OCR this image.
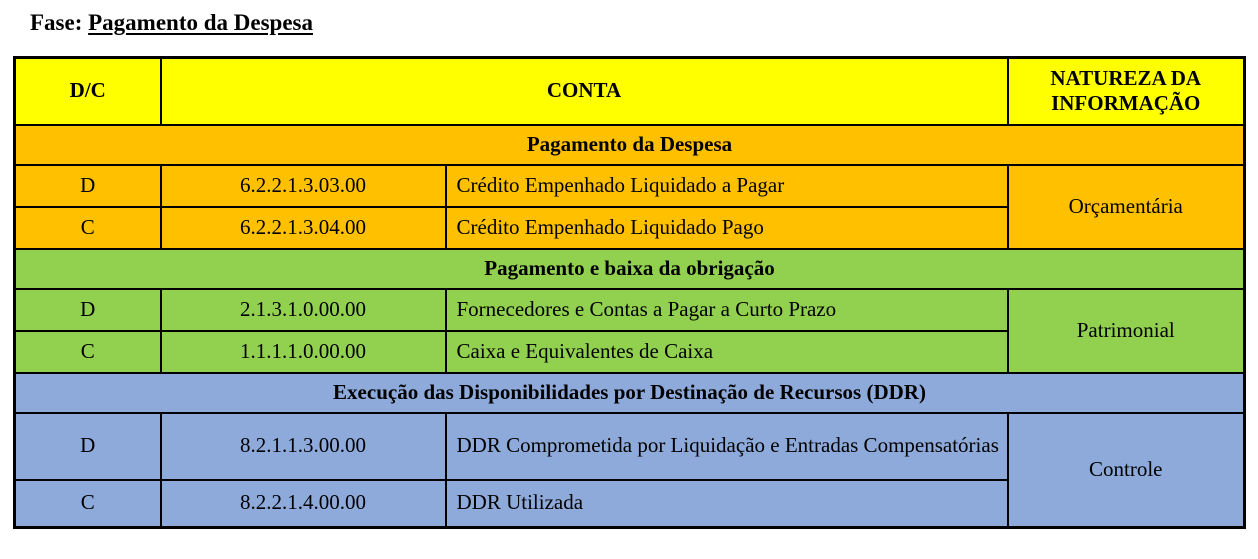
Fase: Pagamento da Despesa
D/C	CONTA		NATUREZA DA INFORMAÇÃO
Pagamento da Despesa			
D	6.2.2.1.3.03.00	Crédito Empenhado Liquidado a Pagar	Orçamentária
C	6.2.2.1.3.04.00	Crédito Empenhado Liquidado Pago	
Pagamento e baixa da obrigação			
D	2.1.3.1.0.00.00	Fornecedores e Contas a Pagar a Curto Prazo	Patrimonial
C	1.1.1.1.0.00.00	Caixa e Equivalentes de Caixa	
Execução das Disponibilidades por Destinação de Recursos (DDR)			
D	8.2.1.1.3.00.00	DDR Comprometida por Liquidação e Entradas Compensatórias	Controle
C	8.2.2.1.4.00.00	DDR Utilizada	
